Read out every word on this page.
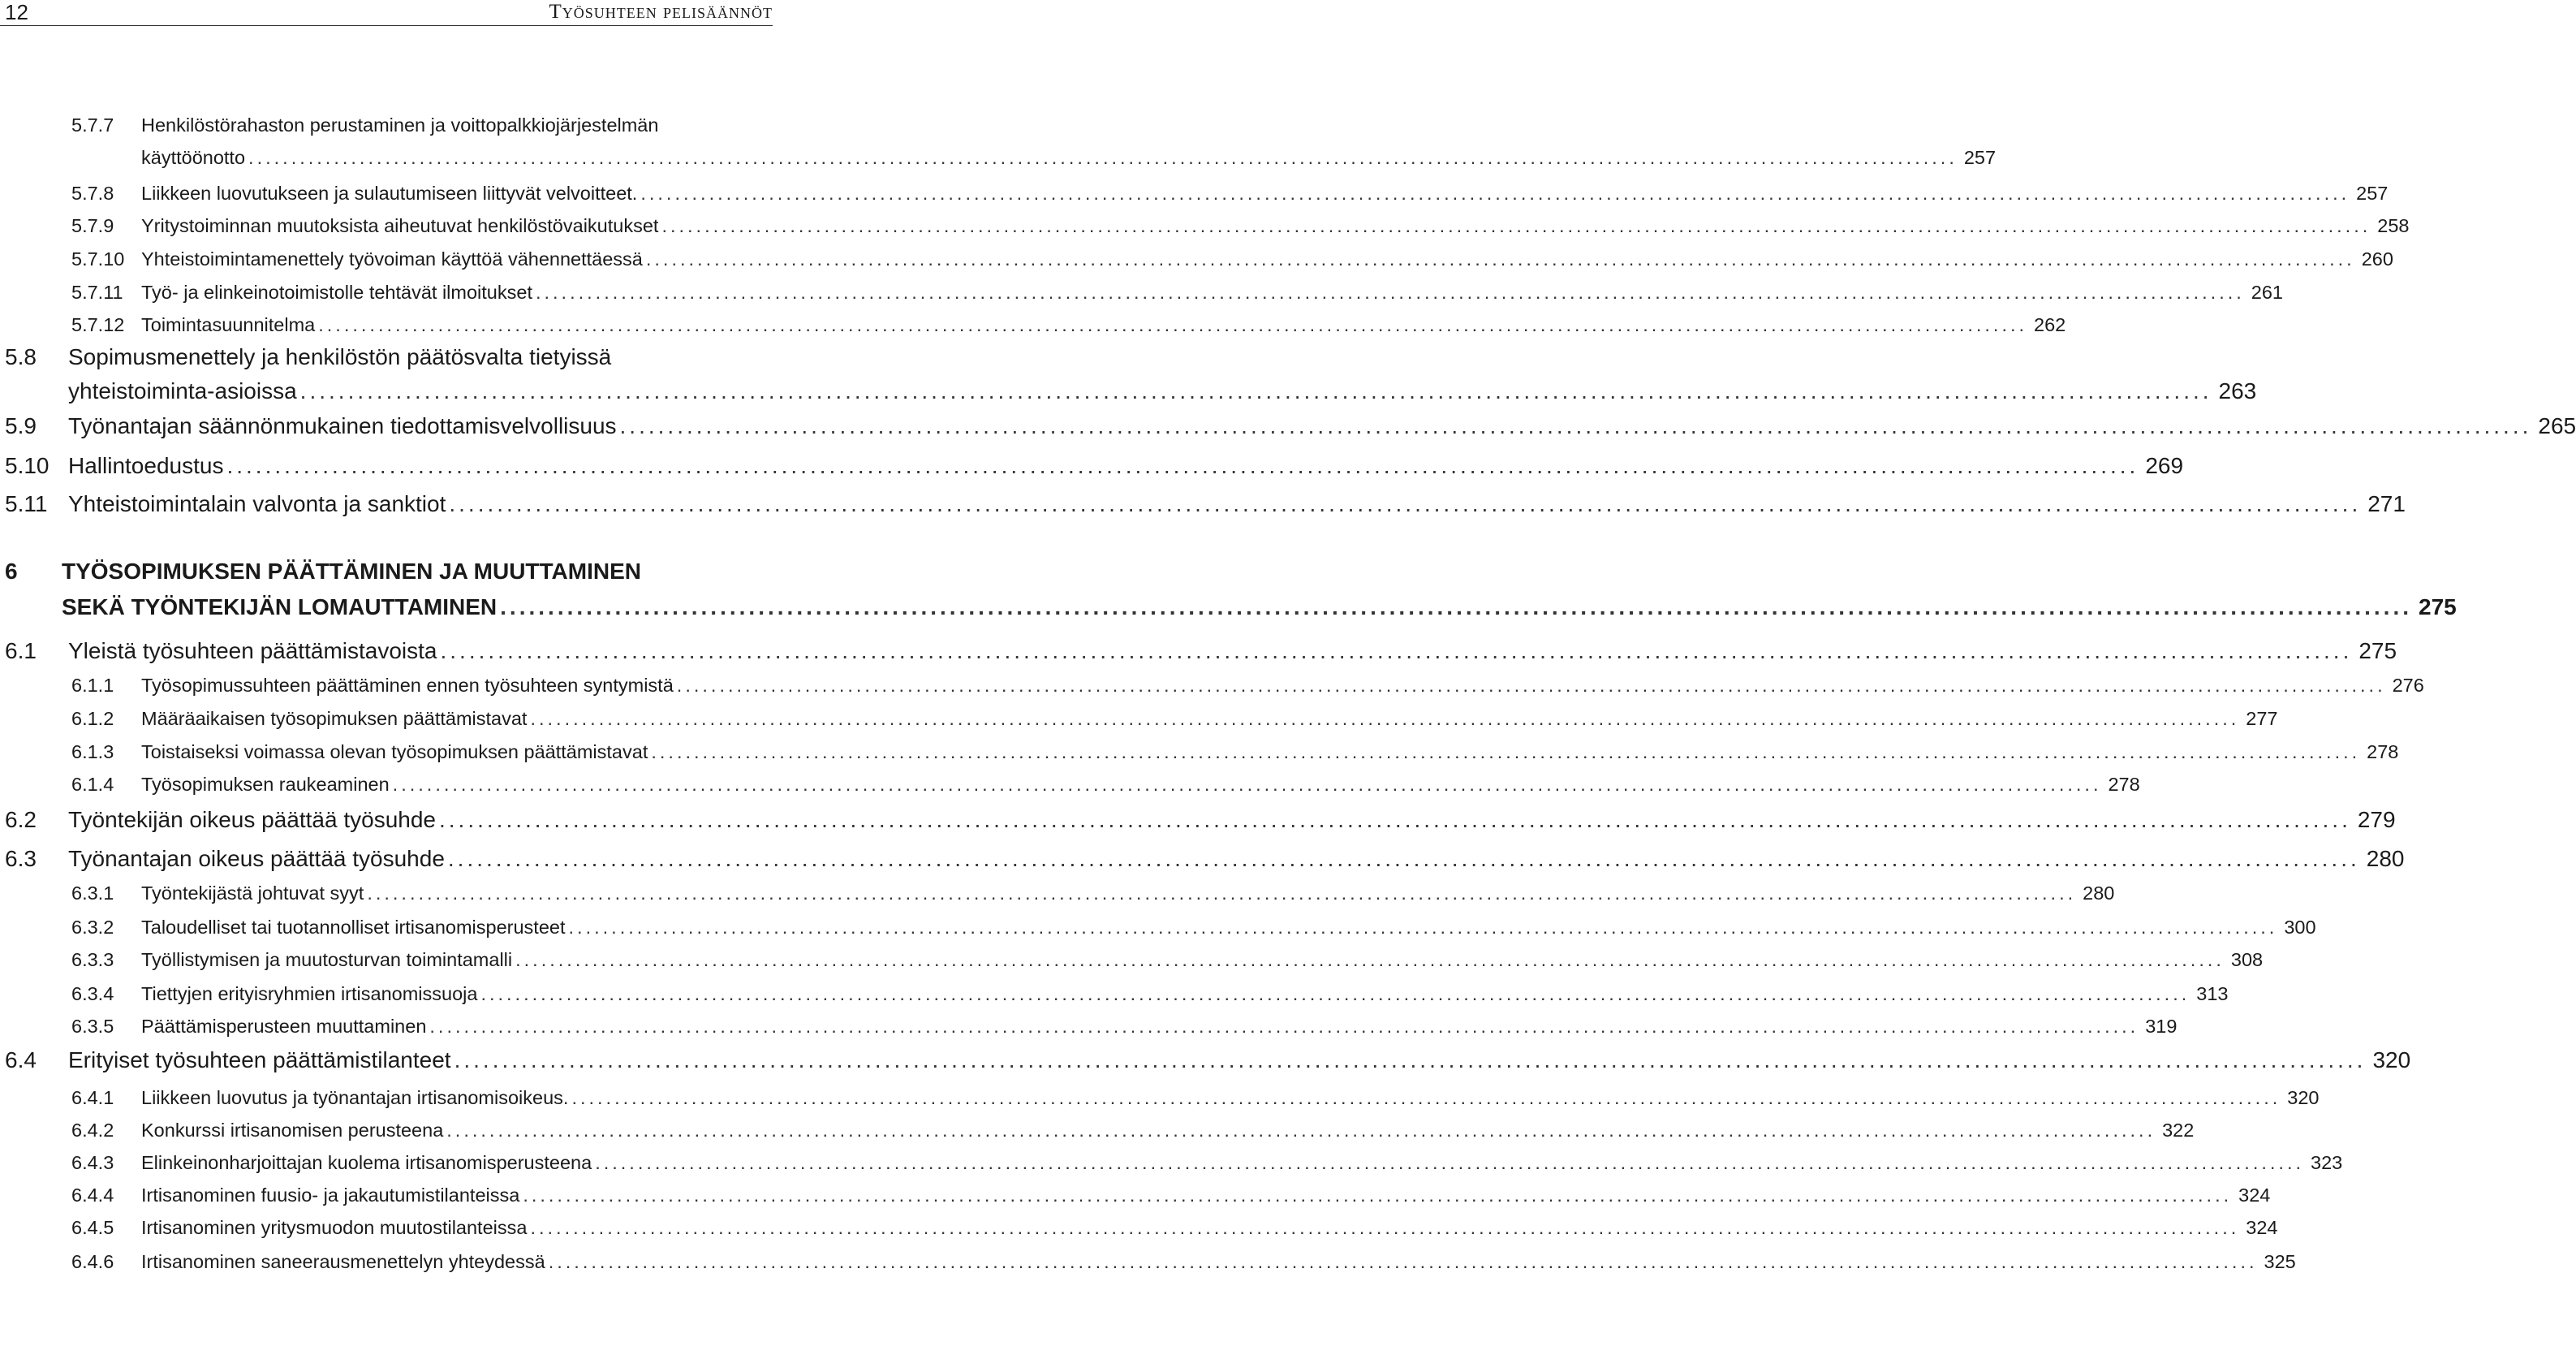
12	Työsuhteen pelisäännöt
5.7.7 Henkilöstörahaston perustaminen ja voittopalkkiojärjestelmän
käyttöönotto ........................................................................................................................................................................................................ 257
5.7.8 Liikkeen luovutukseen ja sulautumiseen liittyvät velvoitteet. ........................................................................................................................................................................................................ 257
5.7.9 Yritystoiminnan muutoksista aiheutuvat henkilöstövaikutukset ........................................................................................................................................................................................................ 258
5.7.10 Yhteistoimintamenettely työvoiman käyttöä vähennettäessä ........................................................................................................................................................................................................ 260
5.7.11 Työ- ja elinkeinotoimistolle tehtävät ilmoitukset ........................................................................................................................................................................................................ 261
5.7.12 Toimintasuunnitelma ........................................................................................................................................................................................................ 262
5.8 Sopimusmenettely ja henkilöstön päätösvalta tietyissä
yhteistoiminta-asioissa ........................................................................................................................................................................................................ 263
5.9 Työnantajan säännönmukainen tiedottamisvelvollisuus ........................................................................................................................................................................................................ 265
5.10 Hallintoedustus ........................................................................................................................................................................................................ 269
5.11 Yhteistoimintalain valvonta ja sanktiot ........................................................................................................................................................................................................ 271
6 TYÖSOPIMUKSEN PÄÄTTÄMINEN JA MUUTTAMINEN
SEKÄ TYÖNTEKIJÄN LOMAUTTAMINEN ........................................................................................................................................................................................................ 275
6.1 Yleistä työsuhteen päättämistavoista ........................................................................................................................................................................................................ 275
6.1.1 Työsopimussuhteen päättäminen ennen työsuhteen syntymistä ........................................................................................................................................................................................................ 276
6.1.2 Määräaikaisen työsopimuksen päättämistavat ........................................................................................................................................................................................................ 277
6.1.3 Toistaiseksi voimassa olevan työsopimuksen päättämistavat ........................................................................................................................................................................................................ 278
6.1.4 Työsopimuksen raukeaminen ........................................................................................................................................................................................................ 278
6.2 Työntekijän oikeus päättää työsuhde ........................................................................................................................................................................................................ 279
6.3 Työnantajan oikeus päättää työsuhde ........................................................................................................................................................................................................ 280
6.3.1 Työntekijästä johtuvat syyt ........................................................................................................................................................................................................ 280
6.3.2 Taloudelliset tai tuotannolliset irtisanomisperusteet ........................................................................................................................................................................................................ 300
6.3.3 Työllistymisen ja muutosturvan toimintamalli ........................................................................................................................................................................................................ 308
6.3.4 Tiettyjen erityisryhmien irtisanomissuoja ........................................................................................................................................................................................................ 313
6.3.5 Päättämisperusteen muuttaminen ........................................................................................................................................................................................................ 319
6.4 Erityiset työsuhteen päättämistilanteet ........................................................................................................................................................................................................ 320
6.4.1 Liikkeen luovutus ja työnantajan irtisanomisoikeus. ........................................................................................................................................................................................................ 320
6.4.2 Konkurssi irtisanomisen perusteena ........................................................................................................................................................................................................ 322
6.4.3 Elinkeinonharjoittajan kuolema irtisanomisperusteena ........................................................................................................................................................................................................ 323
6.4.4 Irtisanominen fuusio- ja jakautumistilanteissa ........................................................................................................................................................................................................ 324
6.4.5 Irtisanominen yritysmuodon muutostilanteissa ........................................................................................................................................................................................................ 324
6.4.6 Irtisanominen saneerausmenettelyn yhteydessä ........................................................................................................................................................................................................ 325
